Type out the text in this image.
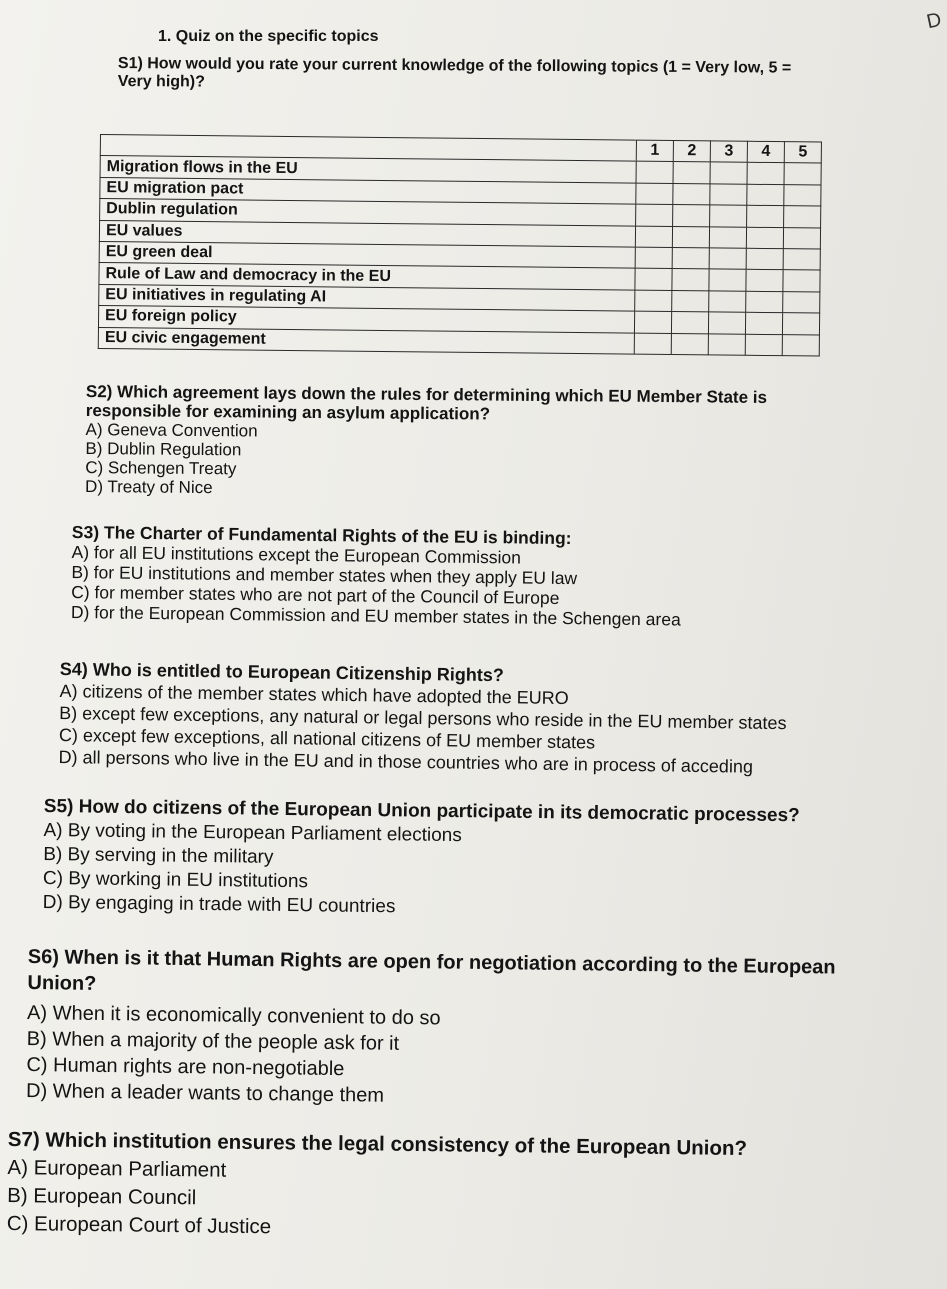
D
1. Quiz on the specific topics
S1) How would you rate your current knowledge of the following topics (1 = Very low, 5 =
Very high)?
	1	2	3	4	5
Migration flows in the EU					
EU migration pact					
Dublin regulation					
EU values					
EU green deal					
Rule of Law and democracy in the EU					
EU initiatives in regulating AI					
EU foreign policy					
EU civic engagement					
S2) Which agreement lays down the rules for determining which EU Member State is
responsible for examining an asylum application?
A) Geneva Convention
B) Dublin Regulation
C) Schengen Treaty
D) Treaty of Nice
S3) The Charter of Fundamental Rights of the EU is binding:
A) for all EU institutions except the European Commission
B) for EU institutions and member states when they apply EU law
C) for member states who are not part of the Council of Europe
D) for the European Commission and EU member states in the Schengen area
S4) Who is entitled to European Citizenship Rights?
A) citizens of the member states which have adopted the EURO
B) except few exceptions, any natural or legal persons who reside in the EU member states
C) except few exceptions, all national citizens of EU member states
D) all persons who live in the EU and in those countries who are in process of acceding
S5) How do citizens of the European Union participate in its democratic processes?
A) By voting in the European Parliament elections
B) By serving in the military
C) By working in EU institutions
D) By engaging in trade with EU countries
S6) When is it that Human Rights are open for negotiation according to the European
Union?
A) When it is economically convenient to do so
B) When a majority of the people ask for it
C) Human rights are non-negotiable
D) When a leader wants to change them
S7) Which institution ensures the legal consistency of the European Union?
A) European Parliament
B) European Council
C) European Court of Justice
